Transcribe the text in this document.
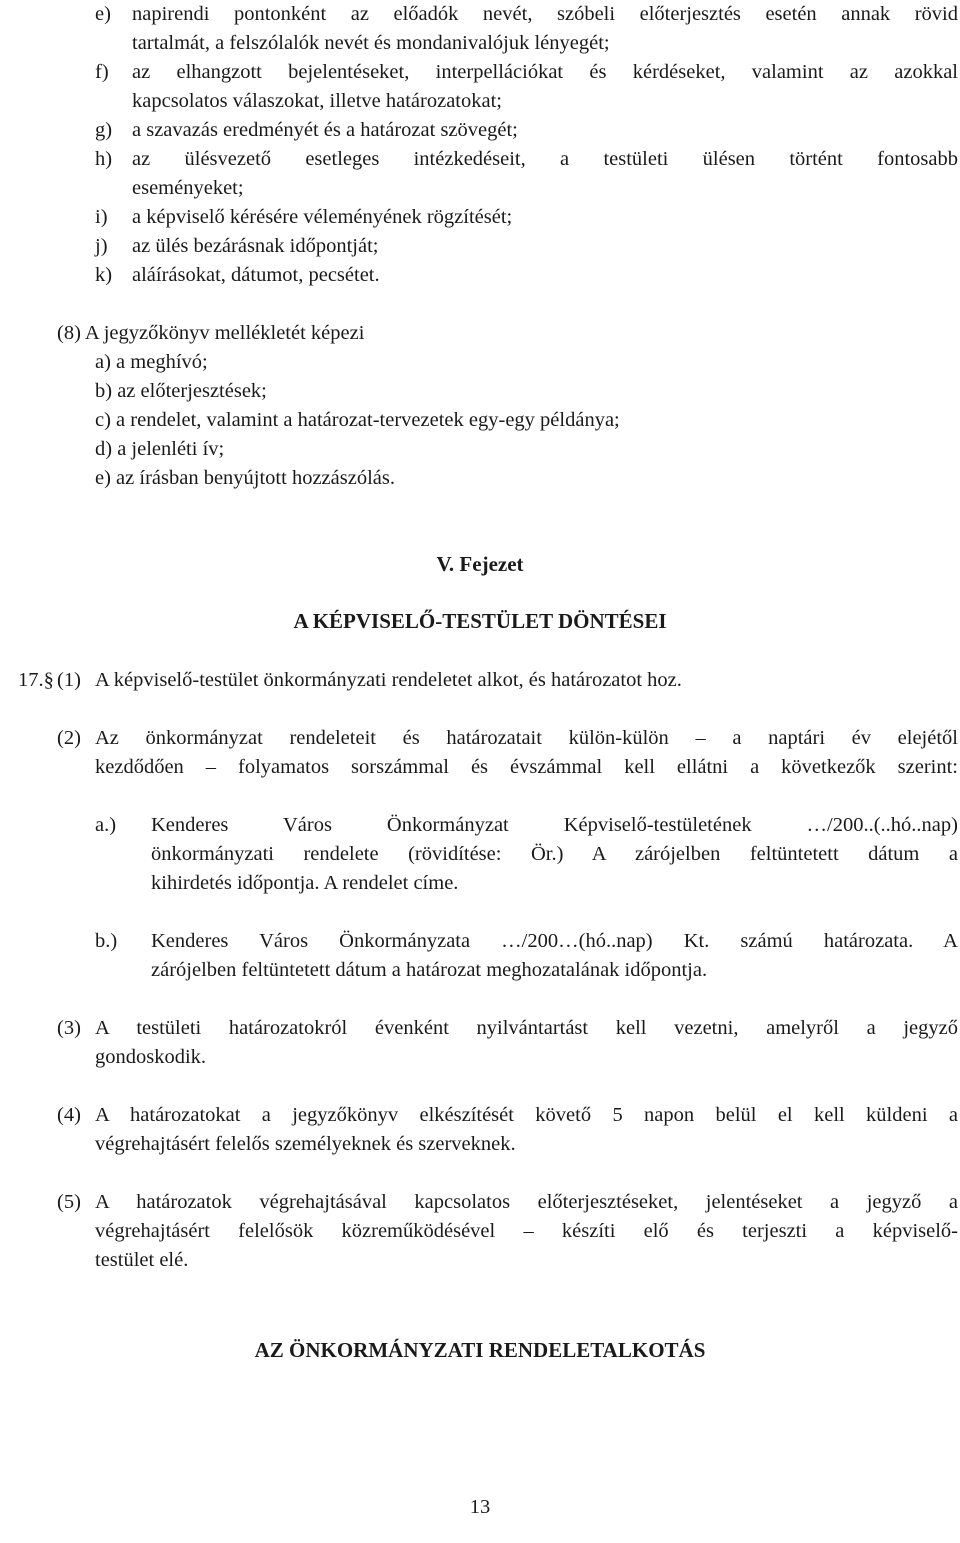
e) napirendi pontonként az előadók nevét, szóbeli előterjesztés esetén annak rövid
tartalmát, a felszólalók nevét és mondanivalójuk lényegét;
f) az elhangzott bejelentéseket, interpellációkat és kérdéseket, valamint az azokkal
kapcsolatos válaszokat, illetve határozatokat;
g) a szavazás eredményét és a határozat szövegét;
h) az ülésvezető esetleges intézkedéseit, a testületi ülésen történt fontosabb
eseményeket;
i) a képviselő kérésére véleményének rögzítését;
j) az ülés bezárásnak időpontját;
k) aláírásokat, dátumot, pecsétet.
(8) A jegyzőkönyv mellékletét képezi
a) a meghívó;
b) az előterjesztések;
c) a rendelet, valamint a határozat-tervezetek egy-egy példánya;
d) a jelenléti ív;
e) az írásban benyújtott hozzászólás.
V. Fejezet
A KÉPVISELŐ-TESTÜLET DÖNTÉSEI
17.§ (1) A képviselő-testület önkormányzati rendeletet alkot, és határozatot hoz.
(2) Az önkormányzat rendeleteit és határozatait külön-külön – a naptári év elejétől
kezdődően – folyamatos sorszámmal és évszámmal kell ellátni a következők szerint:
a.) Kenderes Város Önkormányzat Képviselő-testületének …/200..(..hó..nap)
önkormányzati rendelete (rövidítése: Ör.) A zárójelben feltüntetett dátum a
kihirdetés időpontja. A rendelet címe.
b.) Kenderes Város Önkormányzata …/200…(hó..nap) Kt. számú határozata. A
zárójelben feltüntetett dátum a határozat meghozatalának időpontja.
(3) A testületi határozatokról évenként nyilvántartást kell vezetni, amelyről a jegyző
gondoskodik.
(4) A határozatokat a jegyzőkönyv elkészítését követő 5 napon belül el kell küldeni a
végrehajtásért felelős személyeknek és szerveknek.
(5) A határozatok végrehajtásával kapcsolatos előterjesztéseket, jelentéseket a jegyző a
végrehajtásért felelősök közreműködésével – készíti elő és terjeszti a képviselő-
testület elé.
AZ ÖNKORMÁNYZATI RENDELETALKOTÁS
13
